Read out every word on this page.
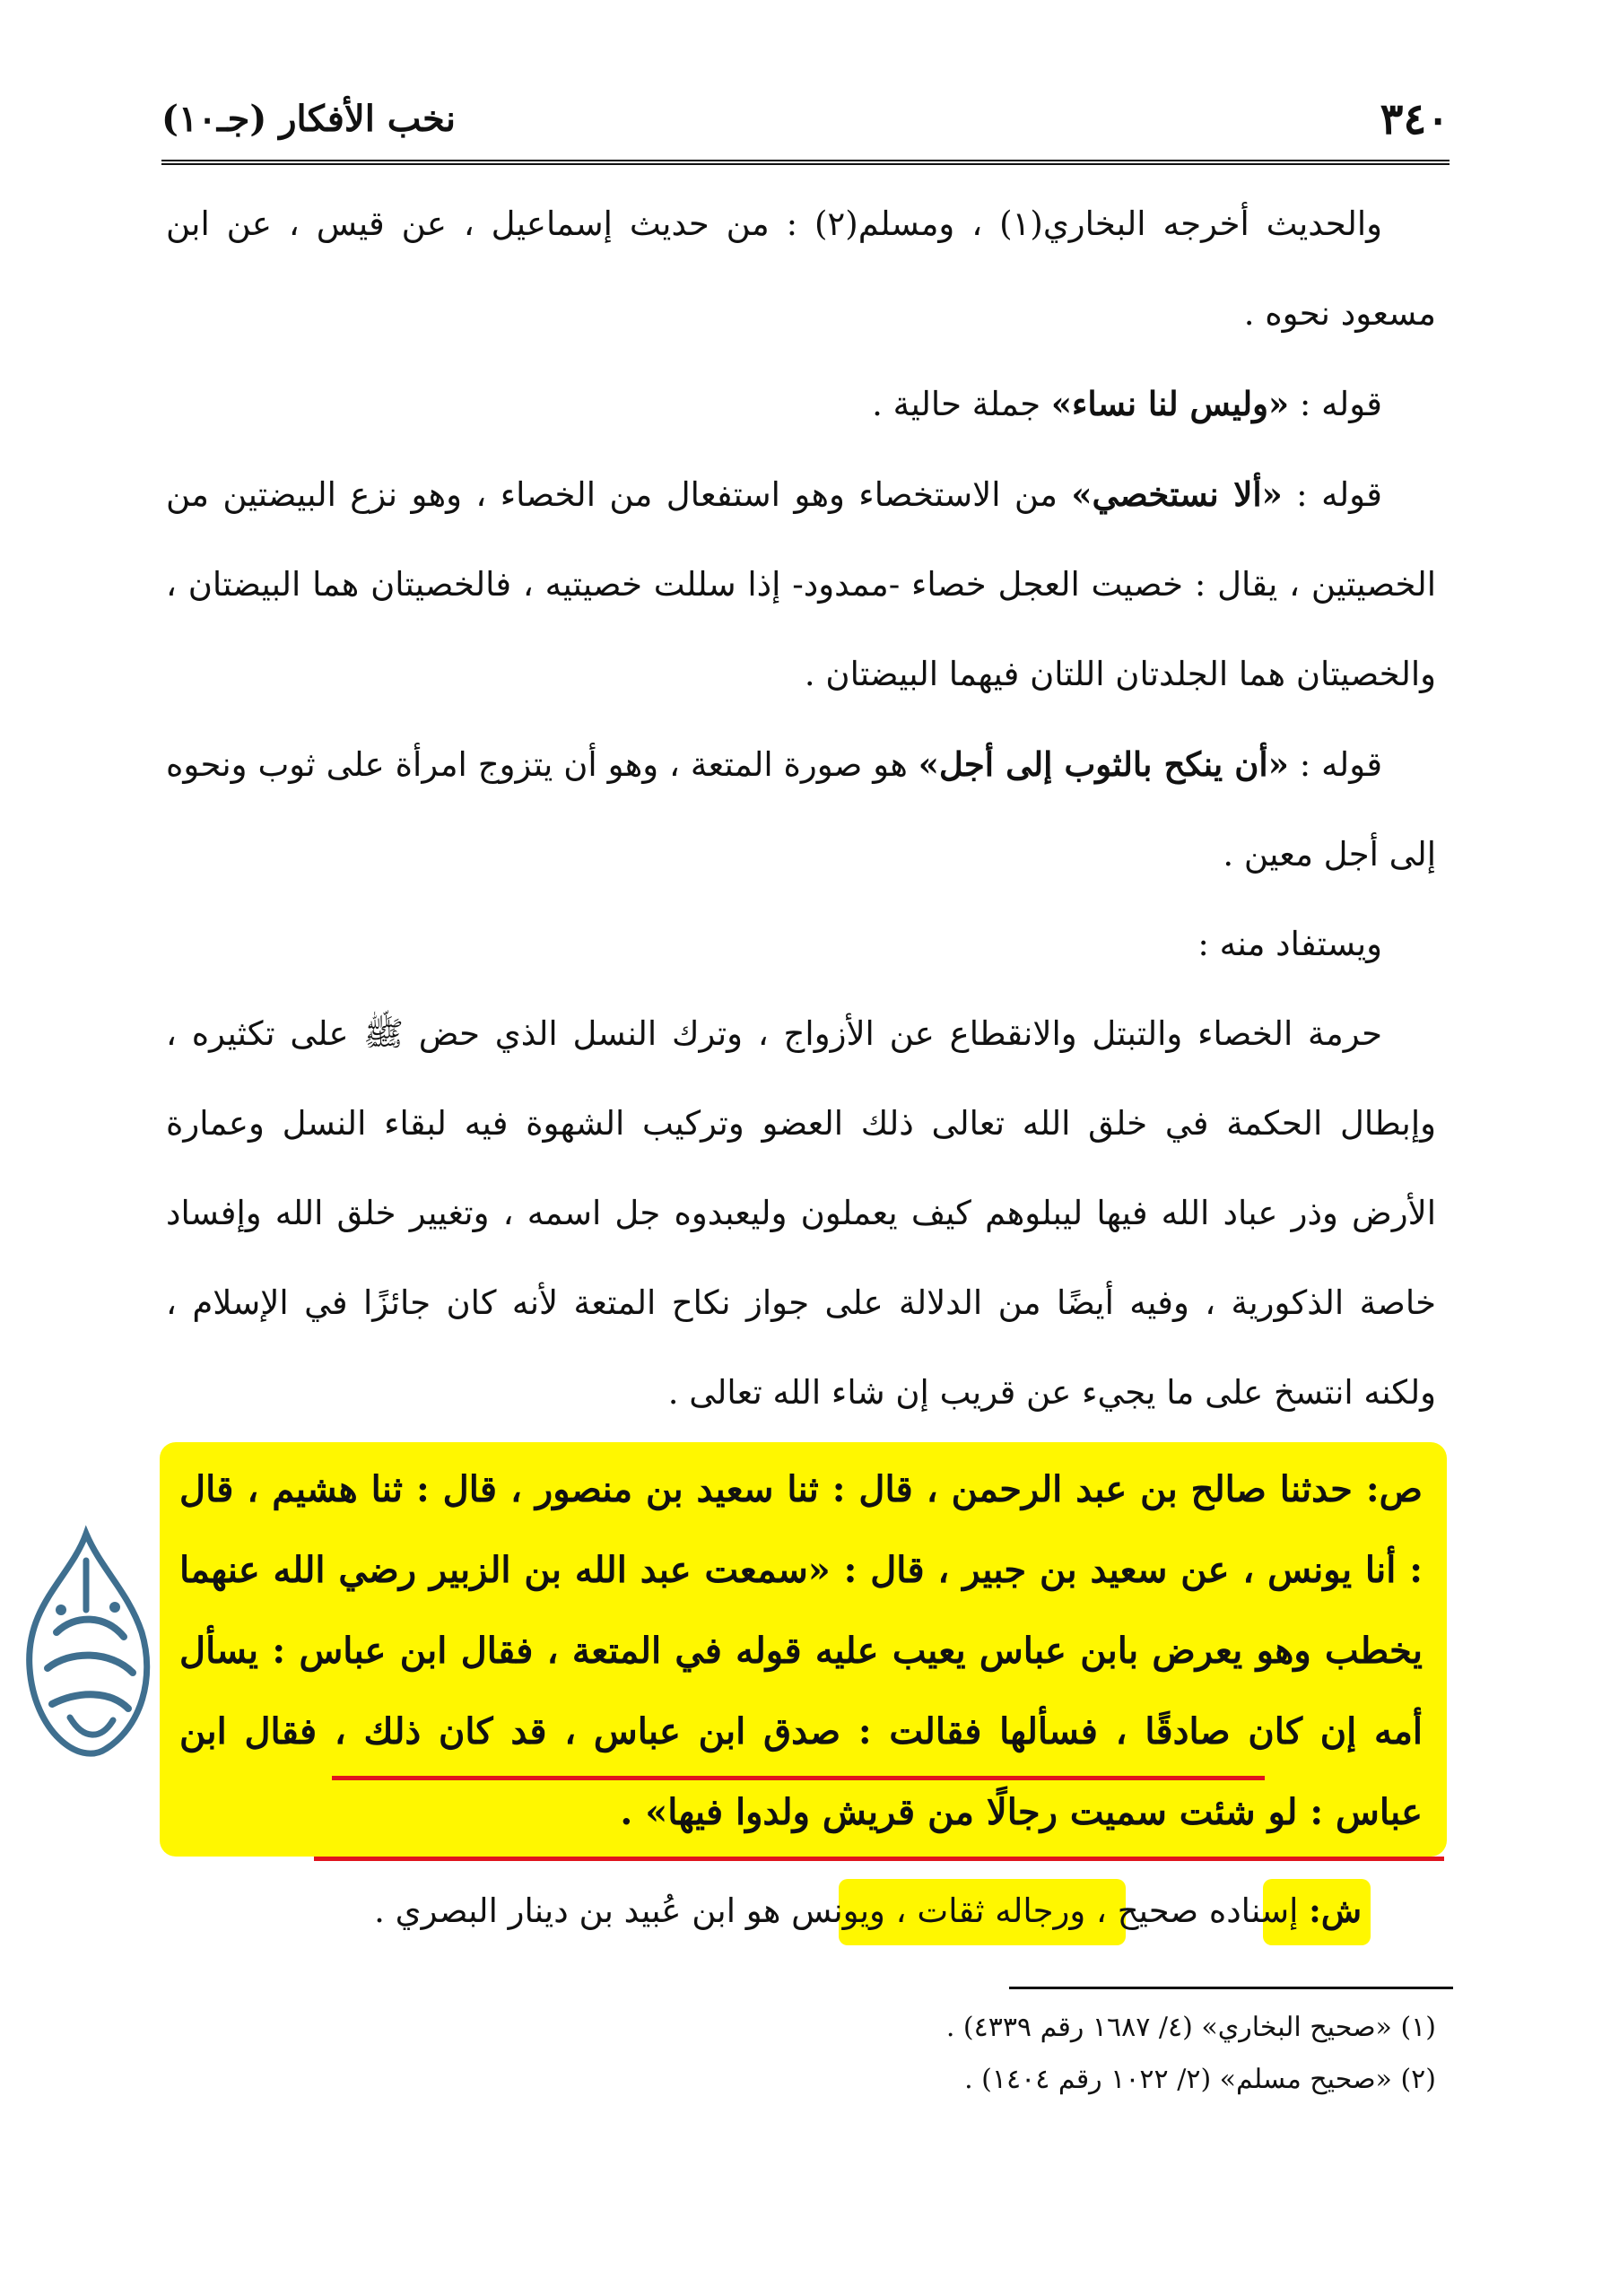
٣٤٠
نخب الأفكار (جـ١٠)

والحديث أخرجه البخاري(١) ، ومسلم(٢) : من حديث إسماعيل ، عن قيس ، عن ابن مسعود نحوه .

قوله : «وليس لنا نساء» جملة حالية .

قوله : «ألا نستخصي» من الاستخصاء وهو استفعال من الخصاء ، وهو نزع البيضتين من الخصيتين ، يقال : خصيت العجل خصاء -ممدود- إذا سللت خصيتيه ، فالخصيتان هما البيضتان ، والخصيتان هما الجلدتان اللتان فيهما البيضتان .

قوله : «أن ينكح بالثوب إلى أجل» هو صورة المتعة ، وهو أن يتزوج امرأة على ثوب ونحوه إلى أجل معين .

ويستفاد منه :

حرمة الخصاء والتبتل والانقطاع عن الأزواج ، وترك النسل الذي حض ﷺ على تكثيره ، وإبطال الحكمة في خلق الله تعالى ذلك العضو وتركيب الشهوة فيه لبقاء النسل وعمارة الأرض وذر عباد الله فيها ليبلوهم كيف يعملون وليعبدوه جل اسمه ، وتغيير خلق الله وإفساد خاصة الذكورية ، وفيه أيضًا من الدلالة على جواز نكاح المتعة لأنه كان جائزًا في الإسلام ، ولكنه انتسخ على ما يجيء عن قريب إن شاء الله تعالى .

ص: حدثنا صالح بن عبد الرحمن ، قال : ثنا سعيد بن منصور ، قال : ثنا هشيم ، قال : أنا يونس ، عن سعيد بن جبير ، قال : «سمعت عبد الله بن الزبير رضي الله عنهما يخطب وهو يعرض بابن عباس يعيب عليه قوله في المتعة ، فقال ابن عباس : يسأل أمه إن كان صادقًا ، فسألها فقالت : صدق ابن عباس ، قد كان ذلك ، فقال ابن عباس : لو شئت سميت رجالًا من قريش ولدوا فيها» .
ش: إسناده صحيح ، ورجاله ثقات ، ويونس هو ابن عُبيد بن دينار البصري .

(١) «صحيح البخاري» (٤/ ١٦٨٧ رقم ٤٣٣٩) .

(٢) «صحيح مسلم» (٢/ ١٠٢٢ رقم ١٤٠٤) .
